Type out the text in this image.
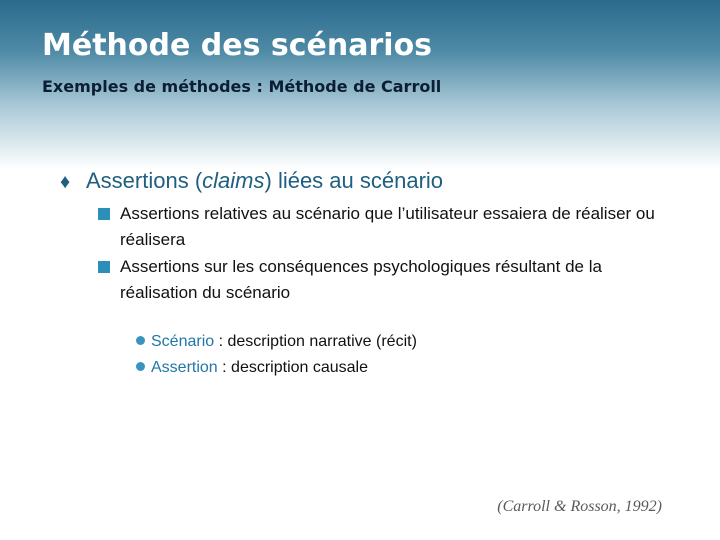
Méthode des scénarios
Exemples de méthodes : Méthode de Carroll
♦ Assertions (claims) liées au scénario
Assertions relatives au scénario que l’utilisateur essaiera de réaliser ou réalisera
Assertions sur les conséquences psychologiques résultant de la réalisation du scénario
Scénario : description narrative (récit)
Assertion : description causale
(Carroll & Rosson, 1992)
